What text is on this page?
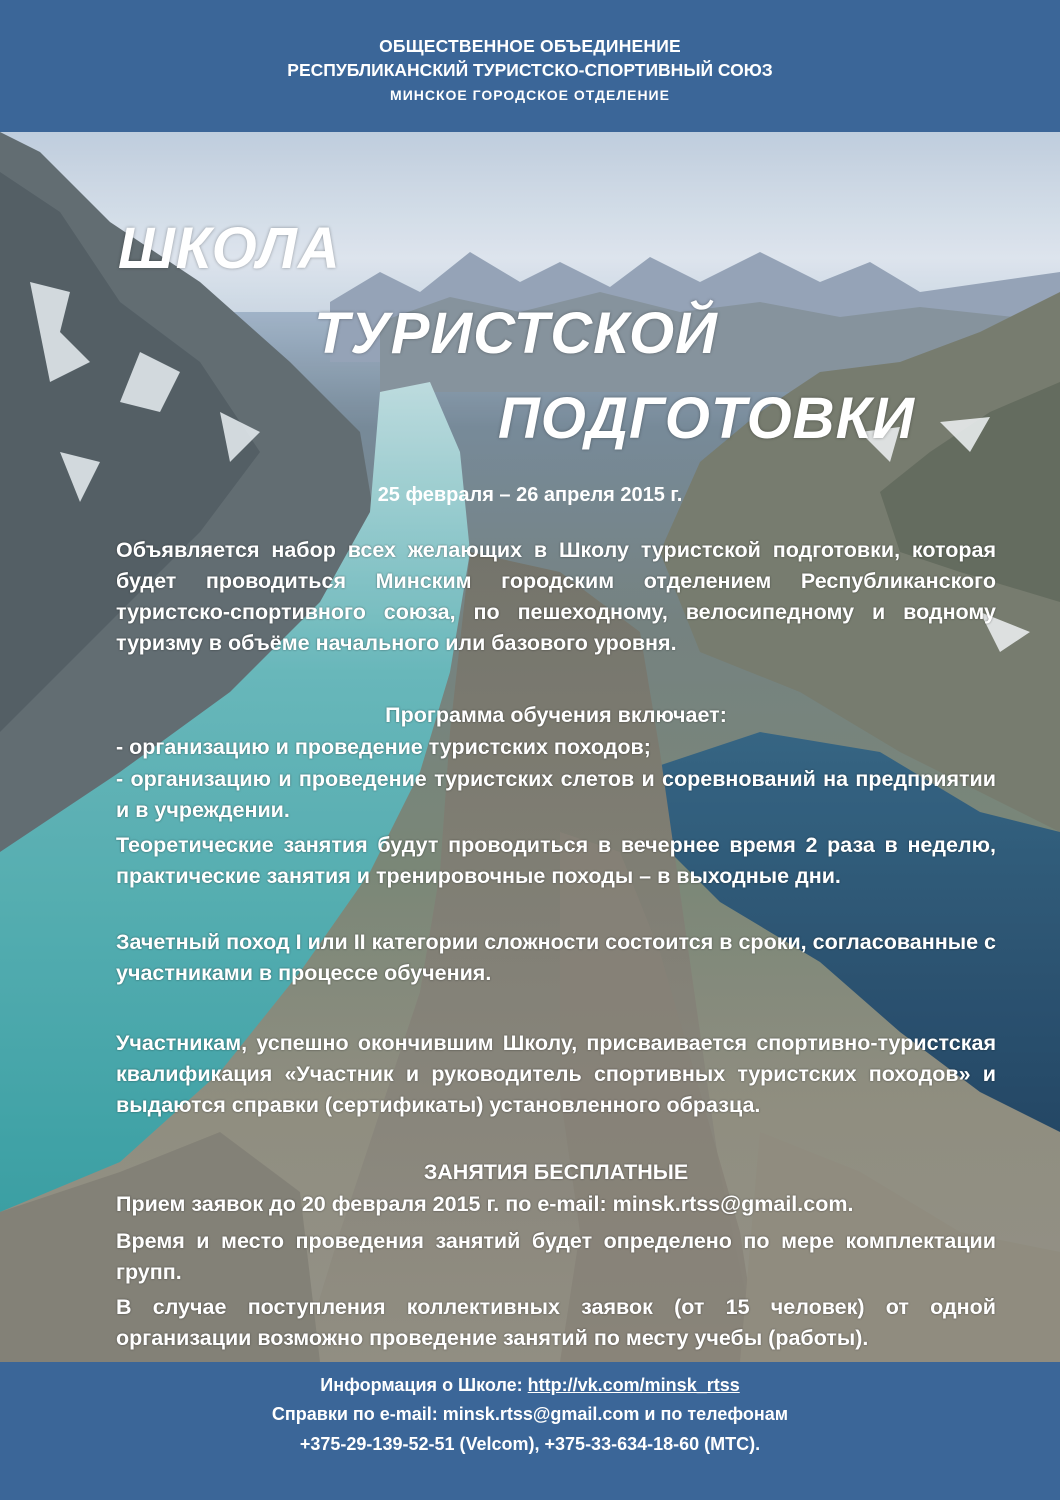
ОБЩЕСТВЕННОЕ ОБЪЕДИНЕНИЕ
РЕСПУБЛИКАНСКИЙ ТУРИСТСКО-СПОРТИВНЫЙ СОЮЗ
МИНСКОЕ ГОРОДСКОЕ ОТДЕЛЕНИЕ
ШКОЛА
ТУРИСТСКОЙ
ПОДГОТОВКИ
25 февраля – 26 апреля 2015 г.
Объявляется набор всех желающих в Школу туристской подготовки, которая будет проводиться Минским городским отделением Республиканского туристско-спортивного союза, по пешеходному, велосипедному и водному туризму в объёме начального или базового уровня.
Программа обучения включает:
- организацию и проведение туристских походов;
- организацию и проведение туристских слетов и соревнований на предприятии и в учреждении.
Теоретические занятия будут проводиться в вечернее время 2 раза в неделю, практические занятия и тренировочные походы – в выходные дни.
Зачетный поход I или II категории сложности состоится в сроки, согласованные с участниками в процессе обучения.
Участникам, успешно окончившим Школу, присваивается спортивно-туристская квалификация «Участник и руководитель спортивных туристских походов» и выдаются справки (сертификаты) установленного образца.
ЗАНЯТИЯ БЕСПЛАТНЫЕ
Прием заявок до 20 февраля 2015 г. по e-mail: minsk.rtss@gmail.com.
Время и место проведения занятий будет определено по мере комплектации групп.
В случае поступления коллективных заявок (от 15 человек) от одной организации возможно проведение занятий по месту учебы (работы).
Информация о Школе: http://vk.com/minsk_rtss
Справки по e-mail: minsk.rtss@gmail.com и по телефонам
+375-29-139-52-51 (Velcom), +375-33-634-18-60 (МТС).
